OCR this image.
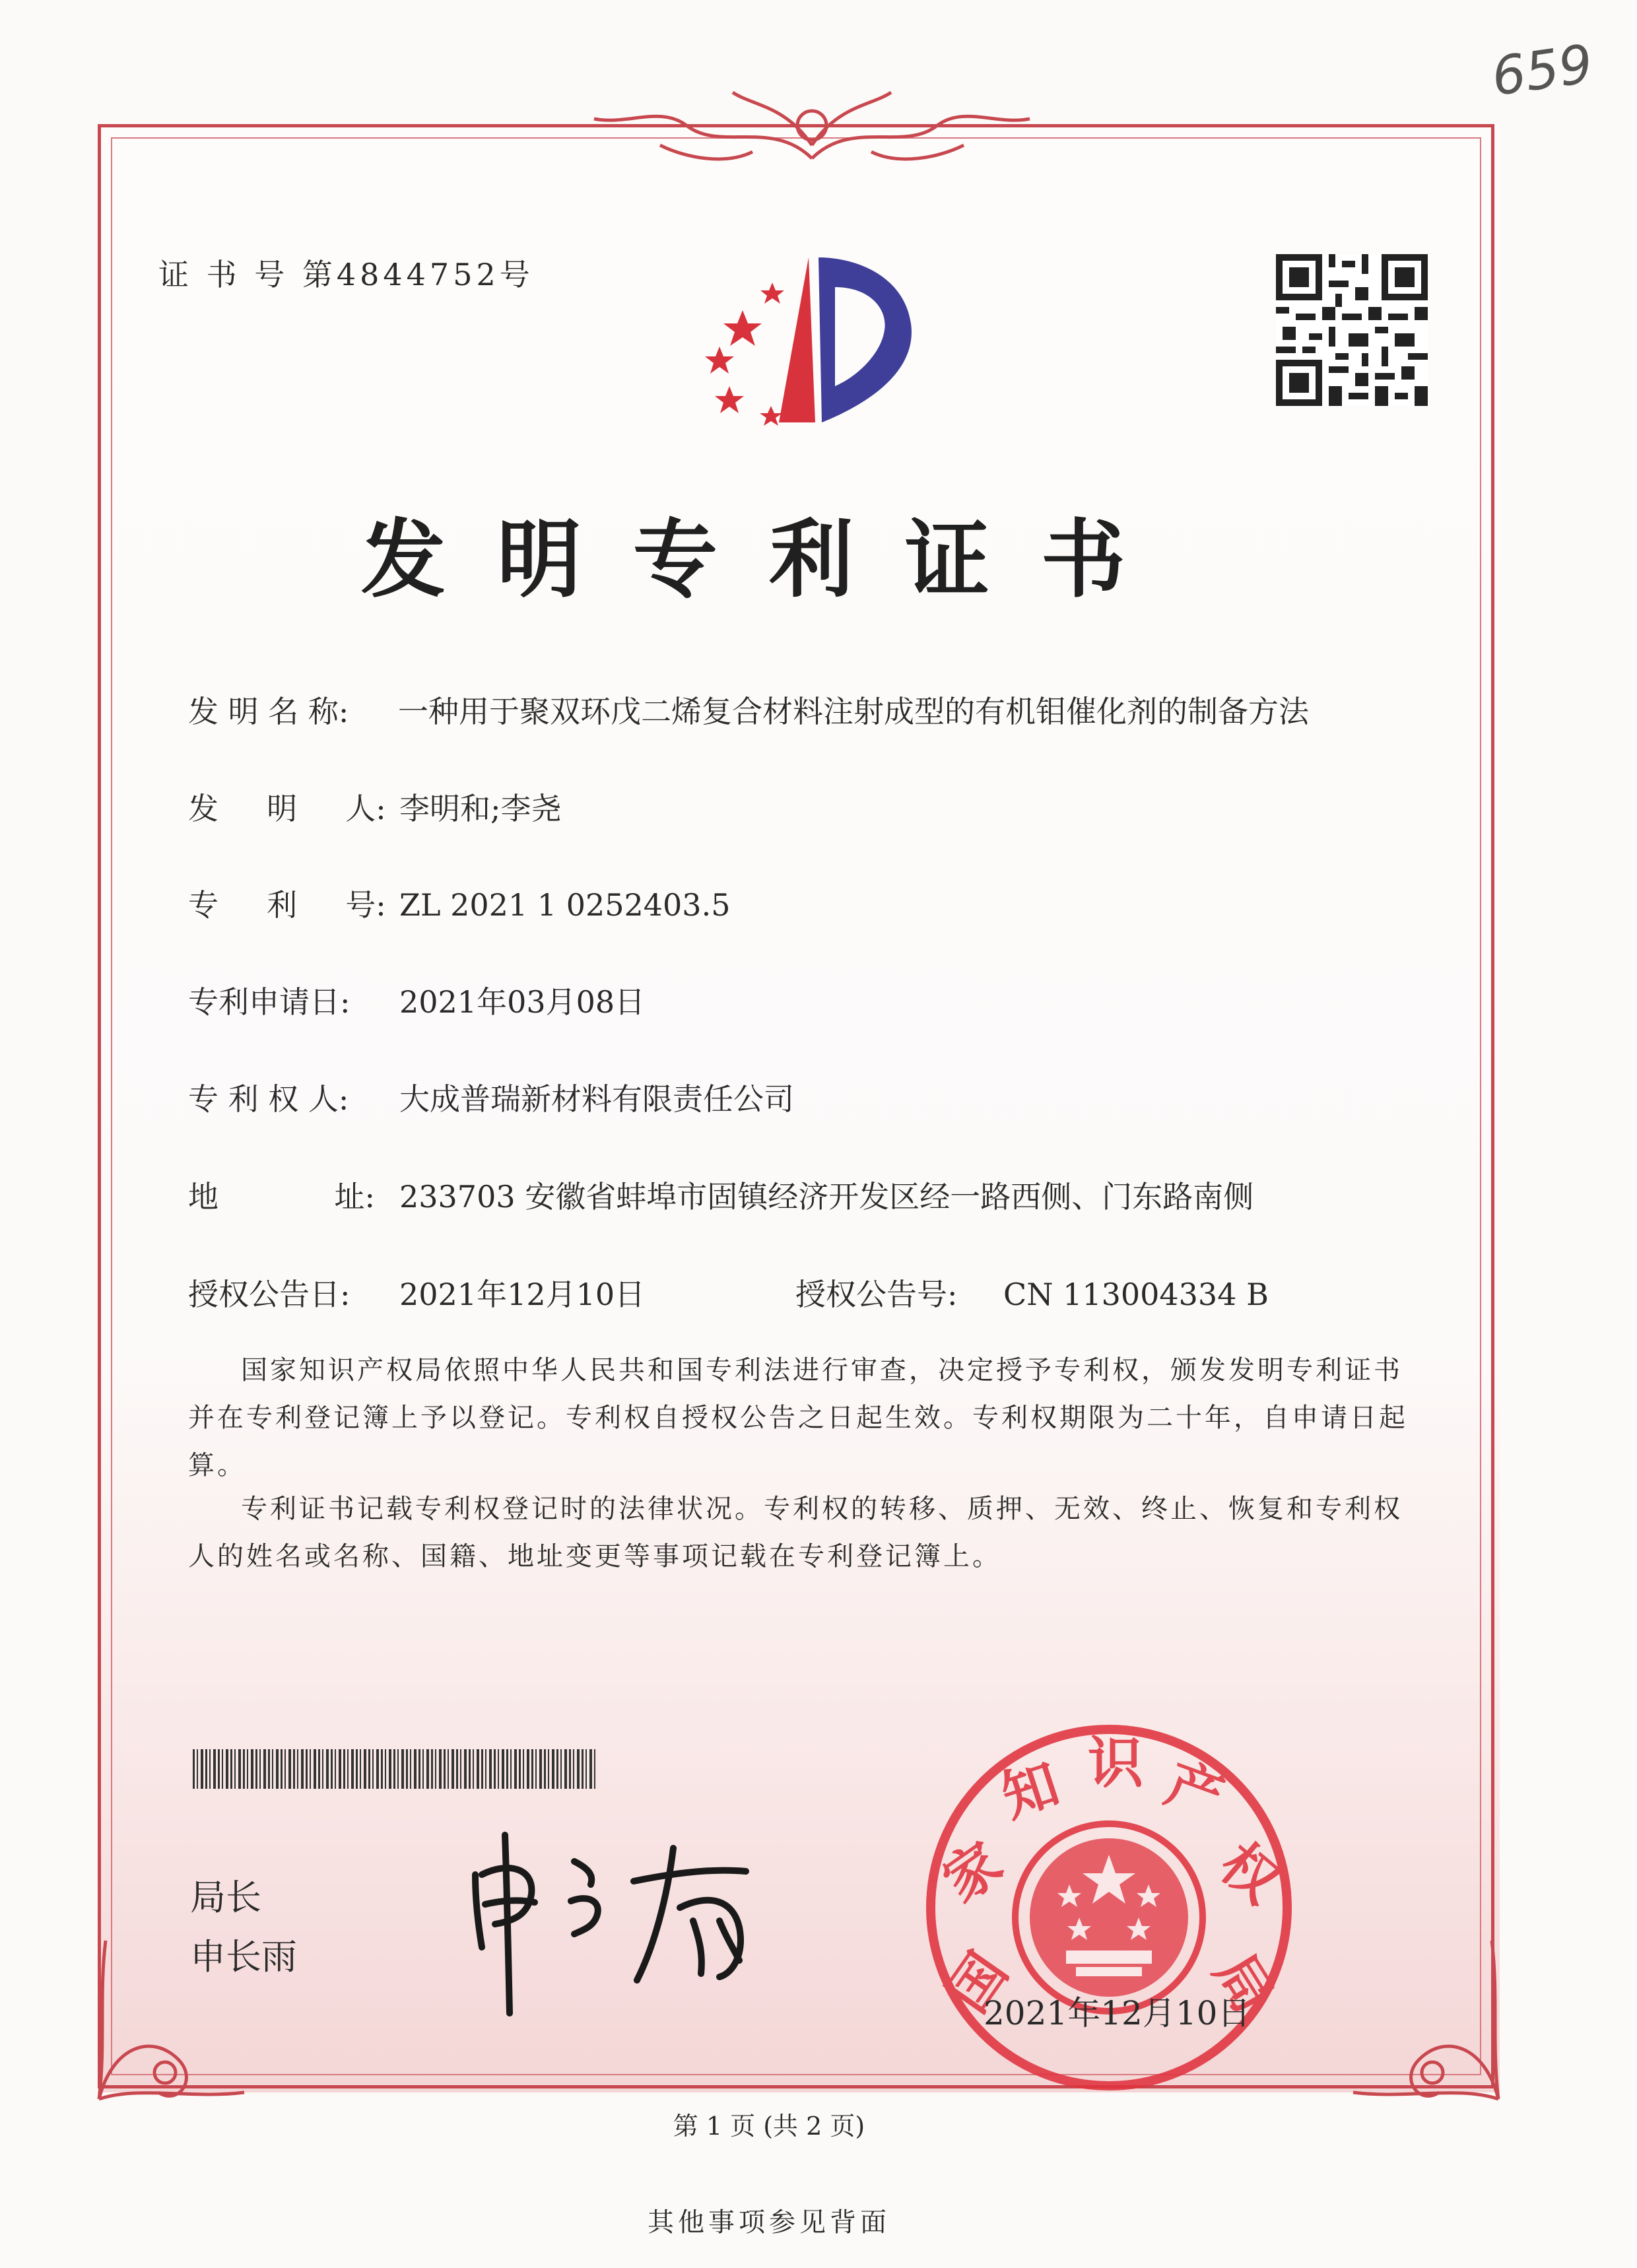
659
证 书 号 第4844752号
发明专利证书
发 明 名 称: 一种用于聚双环戊二烯复合材料注射成型的有机钼催化剂的制备方法
发     明     人: 李明和;李尧
专     利     号: ZL 2021 1 0252403.5
专利申请日: 2021年03月08日
专 利 权 人: 大成普瑞新材料有限责任公司
地            址: 233703 安徽省蚌埠市固镇经济开发区经一路西侧、门东路南侧
授权公告日: 2021年12月10日	授权公告号: CN 113004334 B
国家知识产权局依照中华人民共和国专利法进行审查，决定授予专利权，颁发发明专利证书并在专利登记簿上予以登记。专利权自授权公告之日起生效。专利权期限为二十年，自申请日起算。
专利证书记载专利权登记时的法律状况。专利权的转移、质押、无效、终止、恢复和专利权人的姓名或名称、国籍、地址变更等事项记载在专利登记簿上。
局长
申长雨	国
家
知 识 产
权
局
2021年12月10日
第 1 页 (共 2 页)
其他事项参见背面
